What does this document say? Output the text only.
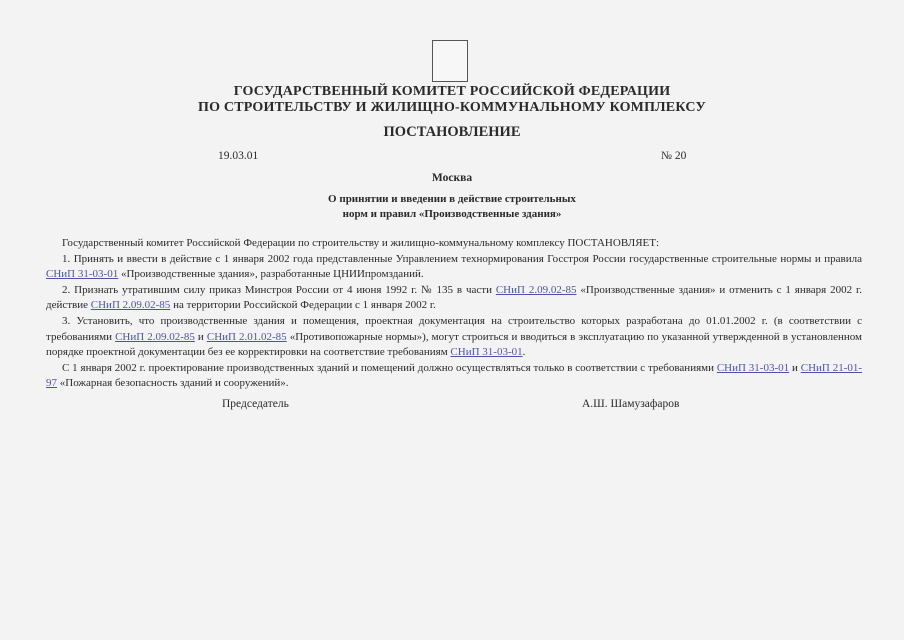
ГОСУДАРСТВЕННЫЙ КОМИТЕТ РОССИЙСКОЙ ФЕДЕРАЦИИ
ПО СТРОИТЕЛЬСТВУ И ЖИЛИЩНО-КОММУНАЛЬНОМУ КОМПЛЕКСУ
ПОСТАНОВЛЕНИЕ
19.03.01	№ 20
Москва
О принятии и введении в действие строительных
норм и правил «Производственные здания»

Государственный комитет Российской Федерации по строительству и жилищно-коммунальному комплексу ПОСТАНОВЛЯЕТ:

1. Принять и ввести в действие с 1 января 2002 года представленные Управлением технормирования Госстроя России государственные строительные нормы и правила СНиП 31-03-01 «Производственные здания», разработанные ЦНИИпромзданий.

2. Признать утратившим силу приказ Минстроя России от 4 июня 1992 г. № 135 в части СНиП 2.09.02-85 «Производственные здания» и отменить с 1 января 2002 г. действие СНиП 2.09.02-85 на территории Российской Федерации с 1 января 2002 г.

3. Установить, что производственные здания и помещения, проектная документация на строительство которых разработана до 01.01.2002 г. (в соответствии с требованиями СНиП 2.09.02-85 и СНиП 2.01.02-85 «Противопожарные нормы»), могут строиться и вводиться в эксплуатацию по указанной утвержденной в установленном порядке проектной документации без ее корректировки на соответствие требованиям СНиП 31-03-01.

С 1 января 2002 г. проектирование производственных зданий и помещений должно осуществляться только в соответствии с требованиями СНиП 31-03-01 и СНиП 21-01-97 «Пожарная безопасность зданий и сооружений».

Председатель	А.Ш. Шамузафаров
